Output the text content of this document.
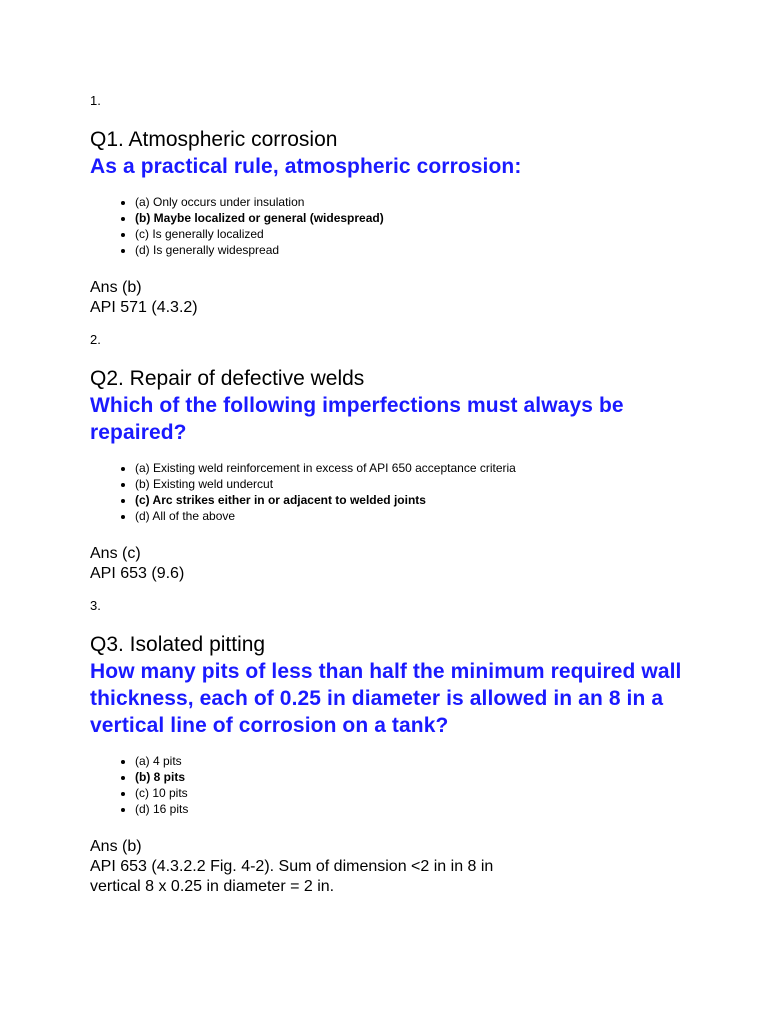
1.
Q1. Atmospheric corrosion
As a practical rule, atmospheric corrosion:
• (a) Only occurs under insulation
• (b) Maybe localized or general (widespread)
• (c) Is generally localized
• (d) Is generally widespread
Ans (b)
API 571 (4.3.2)
2.
Q2. Repair of defective welds
Which of the following imperfections must always be repaired?
• (a) Existing weld reinforcement in excess of API 650 acceptance criteria
• (b) Existing weld undercut
• (c) Arc strikes either in or adjacent to welded joints
• (d) All of the above
Ans (c)
API 653 (9.6)
3.
Q3. Isolated pitting
How many pits of less than half the minimum required wall thickness, each of 0.25 in diameter is allowed in an 8 in a vertical line of corrosion on a tank?
• (a) 4 pits
• (b) 8 pits
• (c) 10 pits
• (d) 16 pits
Ans (b)
API 653 (4.3.2.2 Fig. 4-2). Sum of dimension <2 in in 8 in
vertical 8 x 0.25 in diameter = 2 in.
